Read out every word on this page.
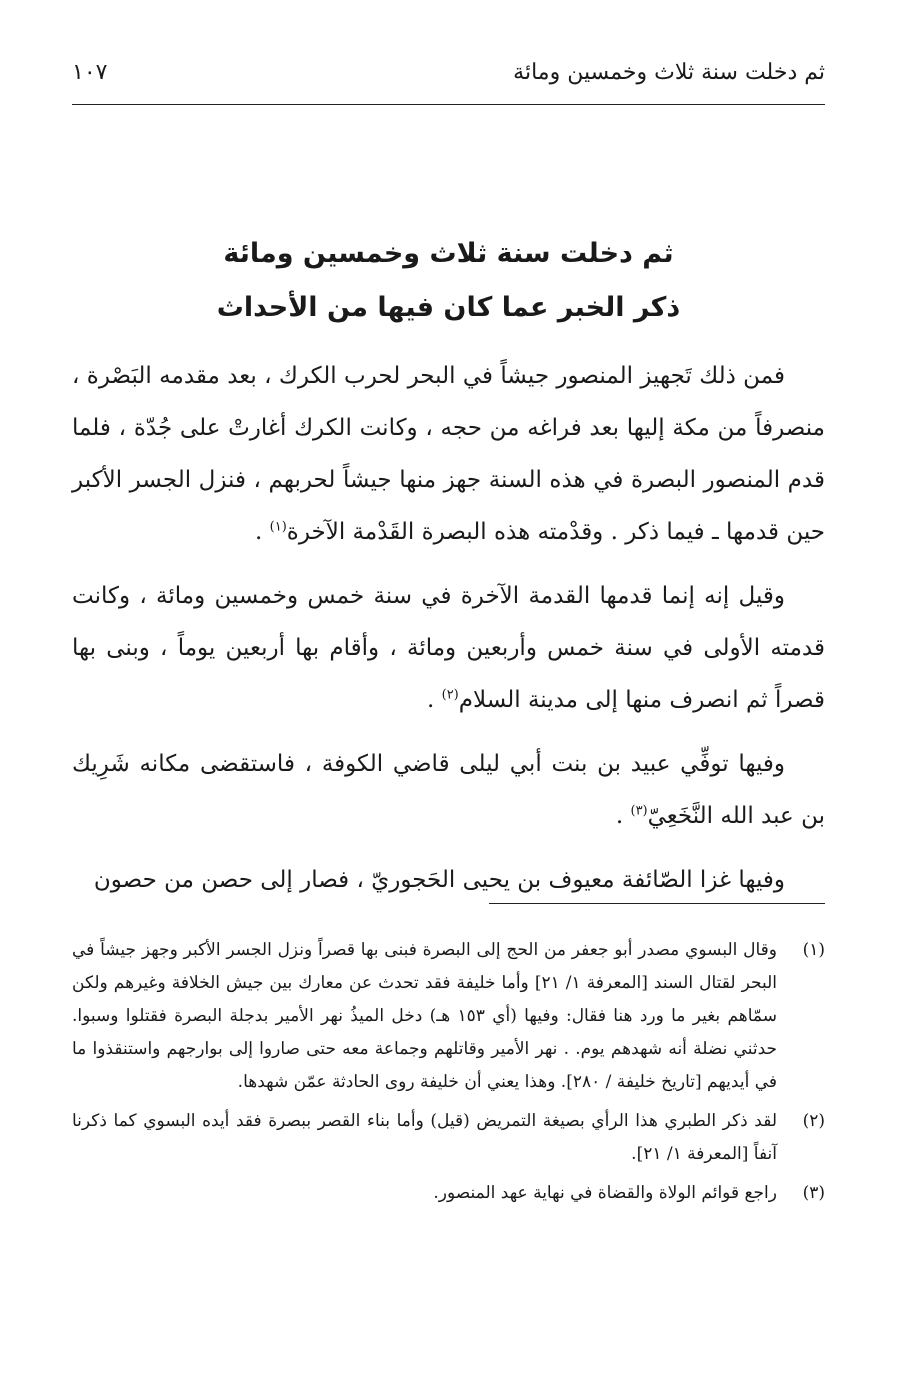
ثم دخلت سنة ثلاث وخمسين ومائة
١٠٧
ثم دخلت سنة ثلاث وخمسين ومائة
ذكر الخبر عما كان فيها من الأحداث

فمن ذلك تَجهيز المنصور جيشاً في البحر لحرب الكرك ، بعد مقدمه البَصْرة ، منصرفاً من مكة إليها بعد فراغه من حجه ، وكانت الكرك أغارتْ على جُدّة ، فلما قدم المنصور البصرة في هذه السنة جهز منها جيشاً لحربهم ، فنزل الجسر الأكبر حين قدمها ـ فيما ذكر . وقدْمته هذه البصرة القَدْمة الآخرة$^{(١)}$ .

وقيل إنه إنما قدمها القدمة الآخرة في سنة خمس وخمسين ومائة ، وكانت قدمته الأولى في سنة خمس وأربعين ومائة ، وأقام بها أربعين يوماً ، وبنى بها قصراً ثم انصرف منها إلى مدينة السلام$^{(٢)}$ .

وفيها توفِّي عبيد بن بنت أبي ليلى قاضي الكوفة ، فاستقضى مكانه شَرِيك بن عبد الله النَّخَعِيّ$^{(٣)}$ .

وفيها غزا الصّائفة معيوف بن يحيى الحَجوريّ ، فصار إلى حصن من حصون

(١)
وقال البسوي مصدر أبو جعفر من الحج إلى البصرة فبنى بها قصراً ونزل الجسر الأكبر وجهز جيشاً في البحر لقتال السند [المعرفة ١/ ٢١] وأما خليفة فقد تحدث عن معارك بين جيش الخلافة وغيرهم ولكن سمّاهم بغير ما ورد هنا فقال: وفيها (أي ١٥٣ هـ) دخل الميذُ نهر الأمير بدجلة البصرة فقتلوا وسبوا. حدثني نضلة أنه شهدهم يوم. . نهر الأمير وقاتلهم وجماعة معه حتى صاروا إلى بوارجهم واستنقذوا ما في أيديهم [تاريخ خليفة / ٢٨٠]. وهذا يعني أن خليفة روى الحادثة عمّن شهدها.
(٢)
لقد ذكر الطبري هذا الرأي بصيغة التمريض (قيل) وأما بناء القصر ببصرة فقد أيده البسوي كما ذكرنا آنفاً [المعرفة ١/ ٢١].
(٣)
راجع قوائم الولاة والقضاة في نهاية عهد المنصور.
